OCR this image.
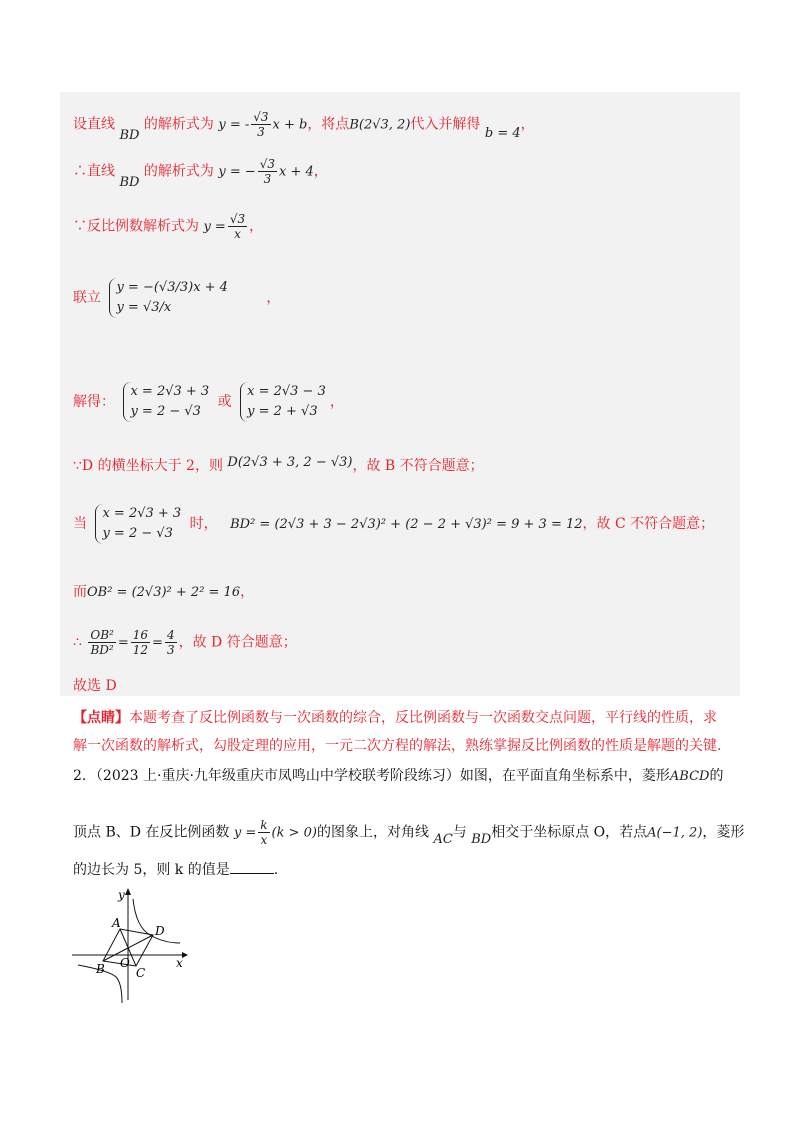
设直线 BD 的解析式为 y = - $\frac{√3}{3}$ x + b，将点B(2√3, 2)代入并解得 b = 4，
∴直线 BD 的解析式为 y = − $\frac{√3}{3}$ x + 4，
∵反比例数解析式为 $y = \frac{√3}{x}$ ，
联立
y = −(√3/3)x + 4
y = √3/x
，
解得：
x = 2√3 + 3
y = 2 − √3
或
x = 2√3 − 3
y = 2 + √3
，
∵D 的横坐标大于 2，则 D(2√3 + 3, 2 − √3)，故 B 不符合题意；
当
x = 2√3 + 3
y = 2 − √3
时， BD² = (2√3 + 3 − 2√3)² + (2 − 2 + √3)² = 9 + 3 = 12，故 C 不符合题意；
而OB² = (2√3)² + 2² = 16，
∴ $\frac{\text{OB²}}{\text{BD²}} = \frac{16}{12} = \frac{4}{3}$ ，故 D 符合题意；
故选 D
【点睛】本题考查了反比例函数与一次函数的综合，反比例函数与一次函数交点问题，平行线的性质，求
解一次函数的解析式，勾股定理的应用，一元二次方程的解法，熟练掌握反比例函数的性质是解题的关键.
2．（2023 上·重庆·九年级重庆市凤鸣山中学校联考阶段练习）如图，在平面直角坐标系中，菱形ABCD的
顶点 B、D 在反比例函数 $y = \frac{k}{x} (k > 0)$的图象上，对角线 AC与 BD相交于坐标原点 O，若点A(−1, 2)，菱形
的边长为 5，则 k 的值是	.
y
x
A
D
B	C
O
